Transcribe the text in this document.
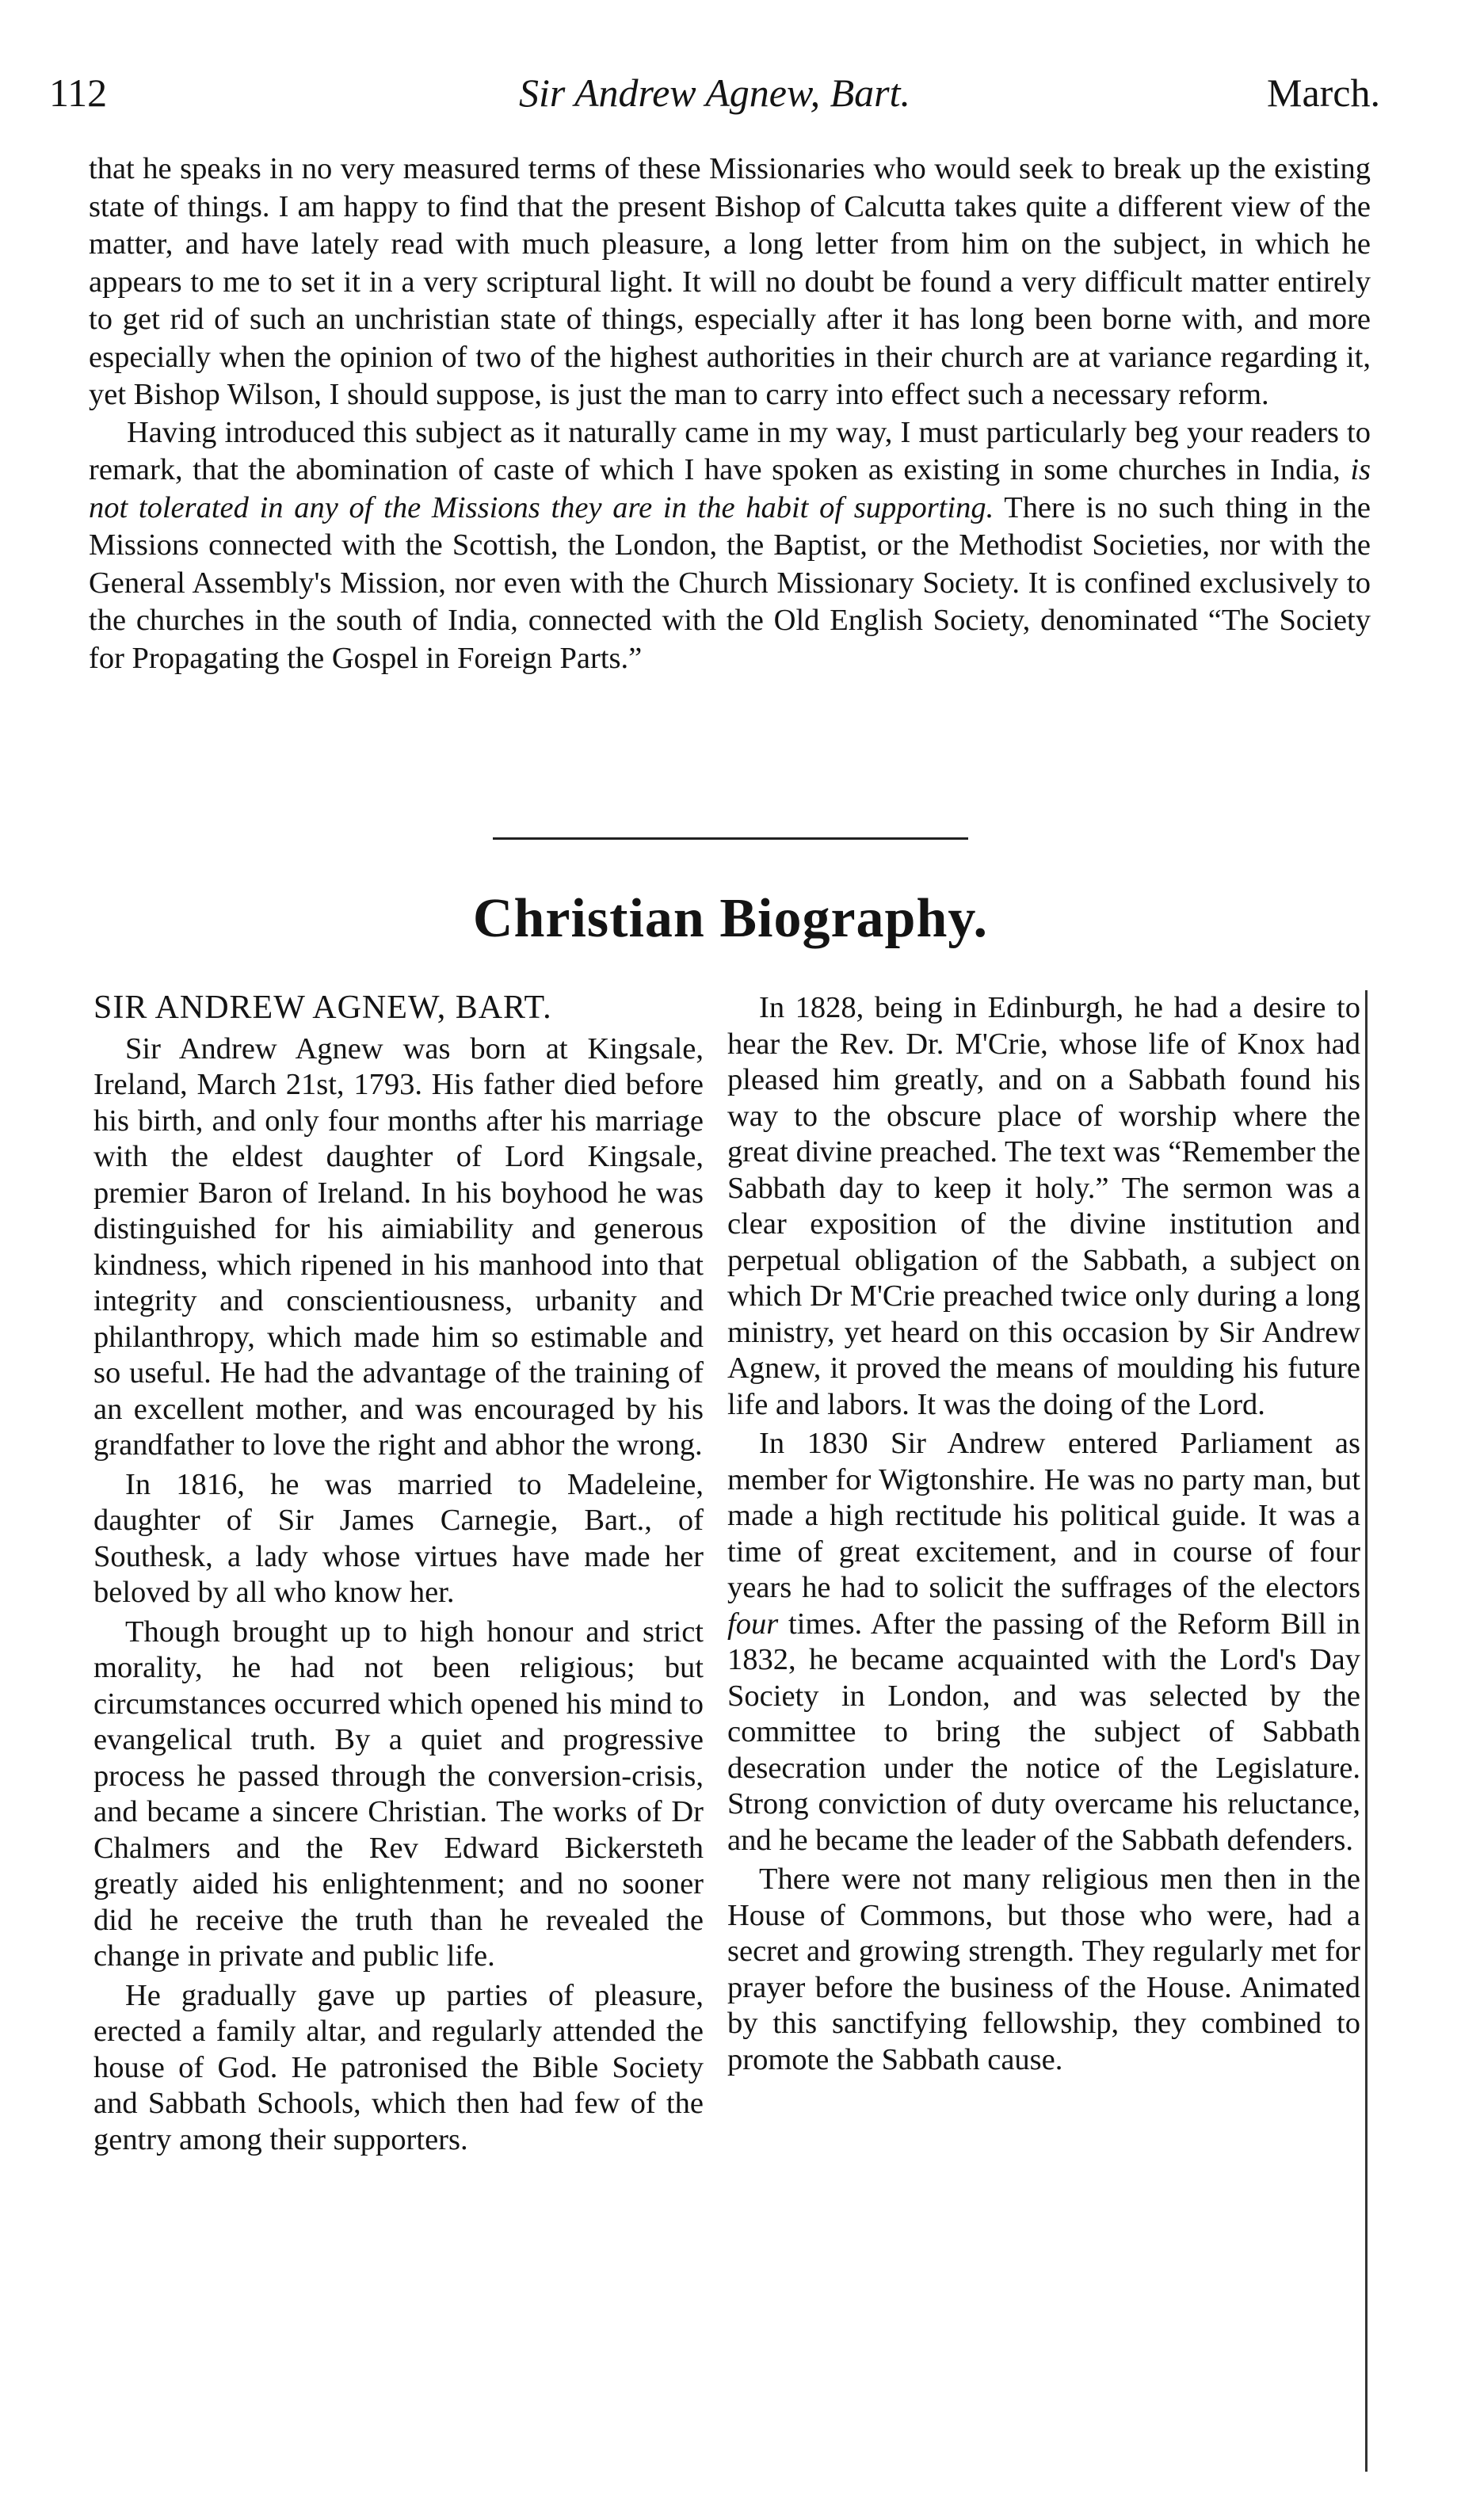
112	Sir Andrew Agnew, Bart.	March.

that he speaks in no very measured terms of these Missionaries who would seek to break up the existing state of things. I am happy to find that the present Bishop of Calcutta takes quite a different view of the matter, and have lately read with much pleasure, a long letter from him on the subject, in which he appears to me to set it in a very scriptural light. It will no doubt be found a very difficult matter entirely to get rid of such an unchristian state of things, especially after it has long been borne with, and more especially when the opinion of two of the highest authorities in their church are at variance regarding it, yet Bishop Wilson, I should suppose, is just the man to carry into effect such a necessary reform.

Having introduced this subject as it naturally came in my way, I must particularly beg your readers to remark, that the abomination of caste of which I have spoken as existing in some churches in India, is not tolerated in any of the Missions they are in the habit of supporting. There is no such thing in the Missions connected with the Scottish, the London, the Baptist, or the Methodist Societies, nor with the General Assembly's Mission, nor even with the Church Missionary Society. It is confined exclusively to the churches in the south of India, connected with the Old English Society, denominated “The Society for Propagating the Gospel in Foreign Parts.”

Christian Biography.

SIR ANDREW AGNEW, BART.

Sir Andrew Agnew was born at Kingsale, Ireland, March 21st, 1793. His father died before his birth, and only four months after his marriage with the eldest daughter of Lord Kingsale, premier Baron of Ireland. In his boyhood he was distinguished for his aimiability and generous kindness, which ripened in his manhood into that integrity and conscientiousness, urbanity and philanthropy, which made him so estimable and so useful. He had the advantage of the training of an excellent mother, and was encouraged by his grandfather to love the right and abhor the wrong.

In 1816, he was married to Madeleine, daughter of Sir James Carnegie, Bart., of Southesk, a lady whose virtues have made her beloved by all who know her.

Though brought up to high honour and strict morality, he had not been religious; but circumstances occurred which opened his mind to evangelical truth. By a quiet and progressive process he passed through the conversion-crisis, and became a sincere Christian. The works of Dr Chalmers and the Rev Edward Bickersteth greatly aided his enlightenment; and no sooner did he receive the truth than he revealed the change in private and public life.

He gradually gave up parties of pleasure, erected a family altar, and regularly attended the house of God. He patronised the Bible Society and Sabbath Schools, which then had few of the gentry among their supporters.

In 1828, being in Edinburgh, he had a desire to hear the Rev. Dr. M'Crie, whose life of Knox had pleased him greatly, and on a Sabbath found his way to the obscure place of worship where the great divine preached. The text was “Remember the Sabbath day to keep it holy.” The sermon was a clear exposition of the divine institution and perpetual obligation of the Sabbath, a subject on which Dr M'Crie preached twice only during a long ministry, yet heard on this occasion by Sir Andrew Agnew, it proved the means of moulding his future life and labors. It was the doing of the Lord.

In 1830 Sir Andrew entered Parliament as member for Wigtonshire. He was no party man, but made a high rectitude his political guide. It was a time of great excitement, and in course of four years he had to solicit the suffrages of the electors four times. After the passing of the Reform Bill in 1832, he became acquainted with the Lord's Day Society in London, and was selected by the committee to bring the subject of Sabbath desecration under the notice of the Legislature. Strong conviction of duty overcame his reluctance, and he became the leader of the Sabbath defenders.

There were not many religious men then in the House of Commons, but those who were, had a secret and growing strength. They regularly met for prayer before the business of the House. Animated by this sanctifying fellowship, they combined to promote the Sabbath cause.
